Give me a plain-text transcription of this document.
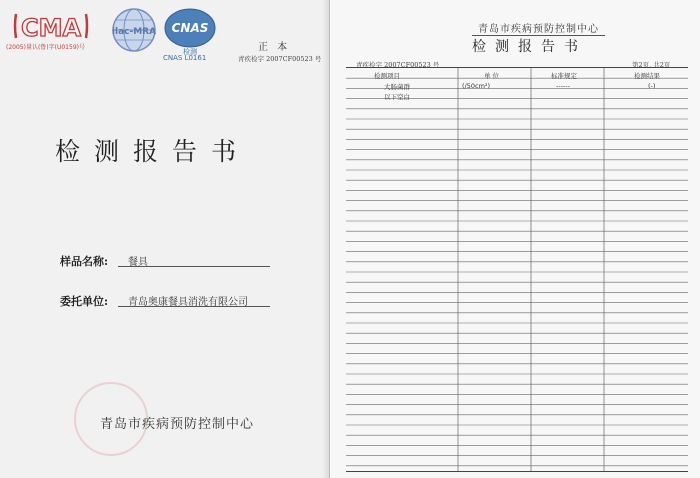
CMA
(2005)量认(鲁)字(U0159)号
ilac-MRA CNAS
检测
CNAS L0161
正 本
青疾检字 2007CF00523 号
检测报告书
样品名称: 餐具
委托单位: 青岛奥康餐具消洗有限公司
青岛市疾病预防控制中心
青岛市疾病预防控制中心
检测报告书
青疾检字 2007CF00523 号	第2页, 共2页
检测项目	单 位	标准规定	检测结果
大肠菌群	(/50cm²)	------	(-)
以下空白
